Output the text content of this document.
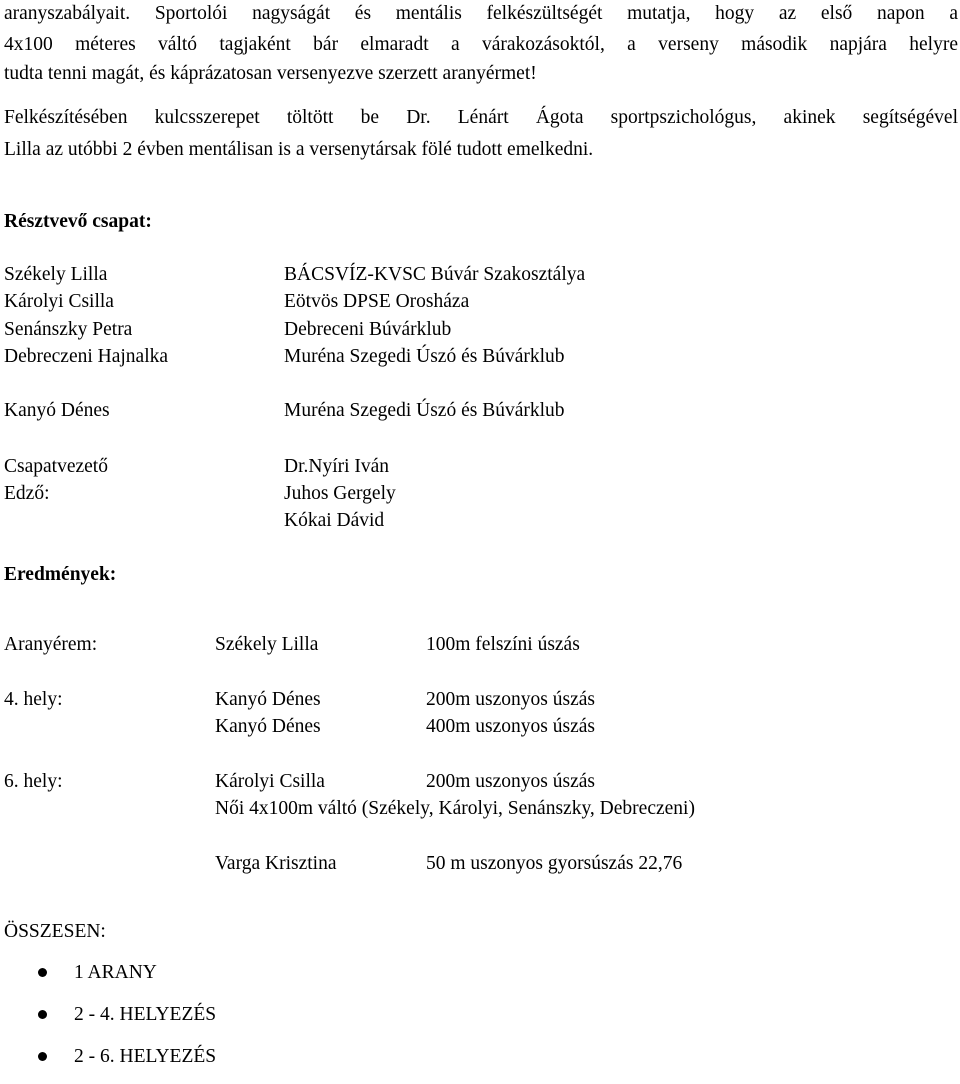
aranyszabályait. Sportolói nagyságát és mentális felkészültségét mutatja, hogy az első napon a
4x100 méteres váltó tagjaként bár elmaradt a várakozásoktól, a verseny második napjára helyre
tudta tenni magát, és káprázatosan versenyezve szerzett aranyérmet!
Felkészítésében kulcsszerepet töltött be Dr. Lénárt Ágota sportpszichológus, akinek segítségével
Lilla az utóbbi 2 évben mentálisan is a versenytársak fölé tudott emelkedni.
Résztvevő csapat:
Székely Lilla	BÁCSVÍZ-KVSC Búvár Szakosztálya
Károlyi Csilla	Eötvös DPSE Orosháza
Senánszky Petra	Debreceni Búvárklub
Debreczeni Hajnalka	Muréna Szegedi Úszó és Búvárklub
Kanyó Dénes	Muréna Szegedi Úszó és Búvárklub
Csapatvezető	Dr.Nyíri Iván
Edző:	Juhos Gergely
Kókai Dávid
Eredmények:
Aranyérem:	Székely Lilla	100m felszíni úszás
4. hely:	Kanyó Dénes	200m uszonyos úszás
Kanyó Dénes	400m uszonyos úszás
6. hely:	Károlyi Csilla	200m uszonyos úszás
Női 4x100m váltó (Székely, Károlyi, Senánszky, Debreczeni)
Varga Krisztina	50 m uszonyos gyorsúszás 22,76
ÖSSZESEN:
1 ARANY
2 - 4. HELYEZÉS
2 - 6. HELYEZÉS
